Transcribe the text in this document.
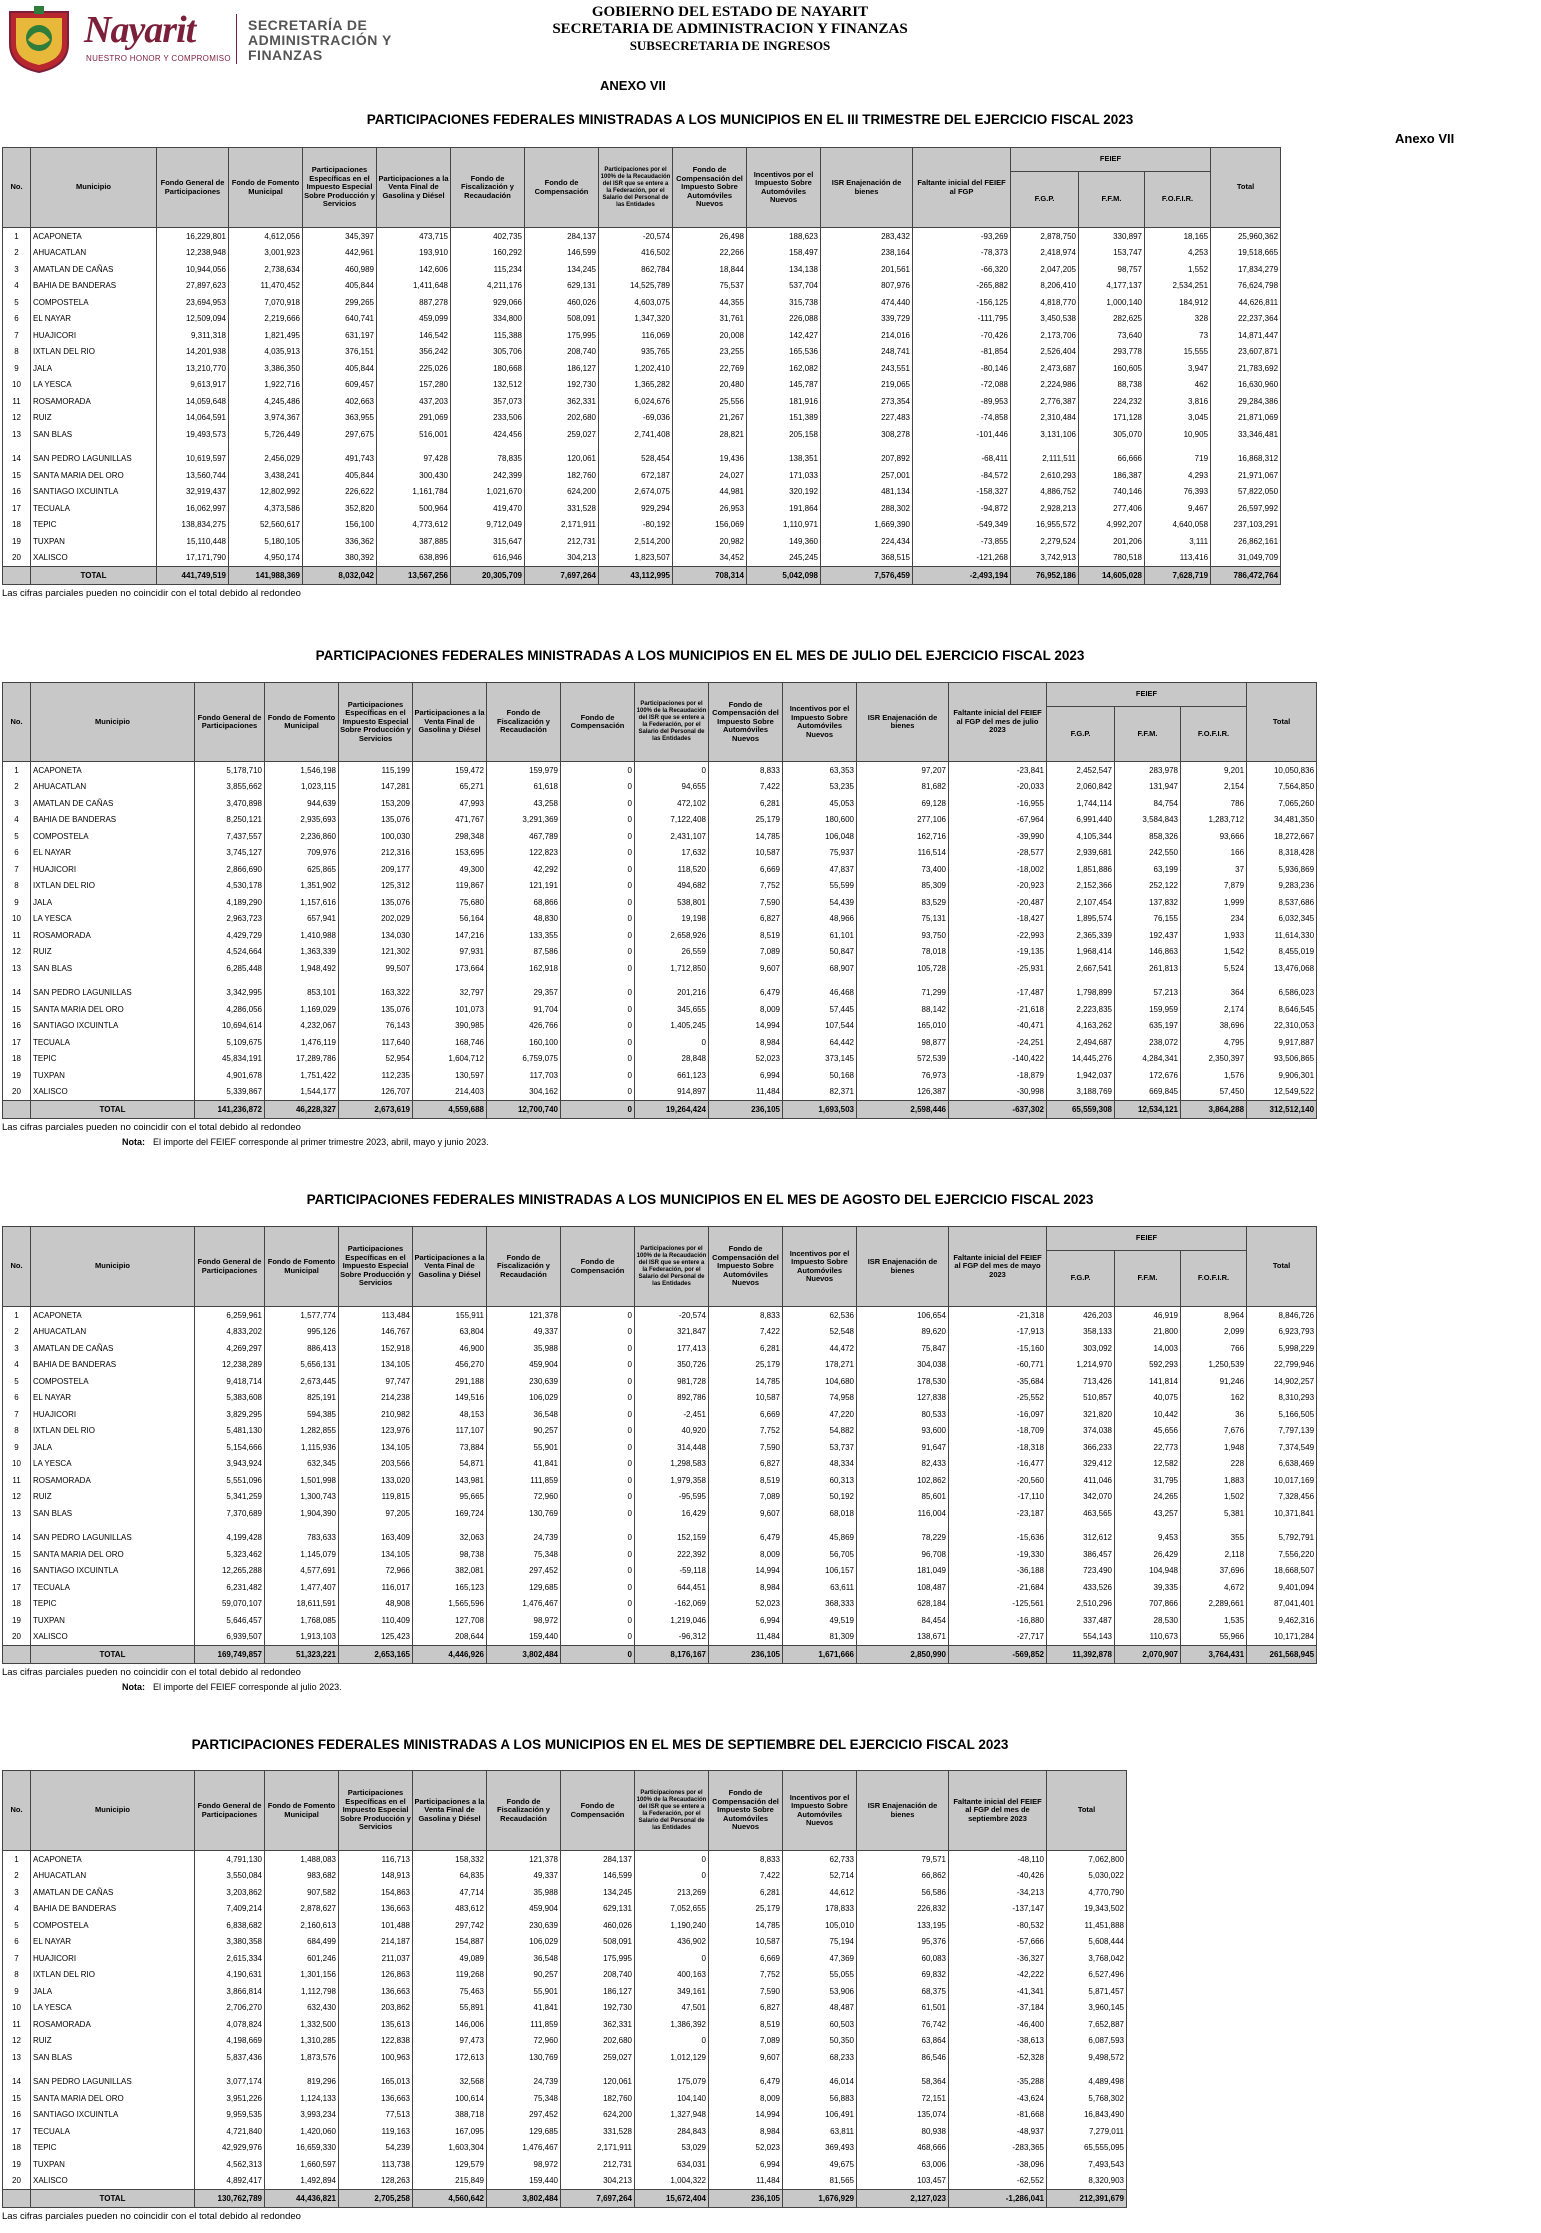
Nayarit
NUESTRO HONOR Y COMPROMISO
SECRETARÍA DE
ADMINISTRACIÓN Y
FINANZAS
GOBIERNO DEL ESTADO DE NAYARIT
SECRETARIA DE ADMINISTRACION Y FINANZAS
SUBSECRETARIA DE INGRESOS
ANEXO VII
PARTICIPACIONES FEDERALES MINISTRADAS A LOS MUNICIPIOS EN EL III TRIMESTRE DEL EJERCICIO FISCAL 2023
Anexo VII
No.	Municipio	Fondo General de Participaciones	Fondo de Fomento Municipal	Participaciones Específicas en el Impuesto Especial Sobre Producción y Servicios	Participaciones a la Venta Final de Gasolina y Diésel	Fondo de Fiscalización y Recaudación	Fondo de Compensación	Participaciones por el 100% de la Recaudación del ISR que se entere a la Federación, por el Salario del Personal de las Entidades	Fondo de Compensación del Impuesto Sobre Automóviles Nuevos	Incentivos por el Impuesto Sobre Automóviles Nuevos	ISR Enajenación de bienes	Faltante inicial del FEIEF al FGP	FEIEF			Total
													F.G.P.	F.F.M.	F.O.F.I.R.	
1	ACAPONETA	16,229,801	4,612,056	345,397	473,715	402,735	284,137	-20,574	26,498	188,623	283,432	-93,269	2,878,750	330,897	18,165	25,960,362
2	AHUACATLAN	12,238,948	3,001,923	442,961	193,910	160,292	146,599	416,502	22,266	158,497	238,164	-78,373	2,418,974	153,747	4,253	19,518,665
3	AMATLAN DE CAÑAS	10,944,056	2,738,634	460,989	142,606	115,234	134,245	862,784	18,844	134,138	201,561	-66,320	2,047,205	98,757	1,552	17,834,279
4	BAHIA DE BANDERAS	27,897,623	11,470,452	405,844	1,411,648	4,211,176	629,131	14,525,789	75,537	537,704	807,976	-265,882	8,206,410	4,177,137	2,534,251	76,624,798
5	COMPOSTELA	23,694,953	7,070,918	299,265	887,278	929,066	460,026	4,603,075	44,355	315,738	474,440	-156,125	4,818,770	1,000,140	184,912	44,626,811
6	EL NAYAR	12,509,094	2,219,666	640,741	459,099	334,800	508,091	1,347,320	31,761	226,088	339,729	-111,795	3,450,538	282,625	328	22,237,364
7	HUAJICORI	9,311,318	1,821,495	631,197	146,542	115,388	175,995	116,069	20,008	142,427	214,016	-70,426	2,173,706	73,640	73	14,871,447
8	IXTLAN DEL RIO	14,201,938	4,035,913	376,151	356,242	305,706	208,740	935,765	23,255	165,536	248,741	-81,854	2,526,404	293,778	15,555	23,607,871
9	JALA	13,210,770	3,386,350	405,844	225,026	180,668	186,127	1,202,410	22,769	162,082	243,551	-80,146	2,473,687	160,605	3,947	21,783,692
10	LA YESCA	9,613,917	1,922,716	609,457	157,280	132,512	192,730	1,365,282	20,480	145,787	219,065	-72,088	2,224,986	88,738	462	16,630,960
11	ROSAMORADA	14,059,648	4,245,486	402,663	437,203	357,073	362,331	6,024,676	25,556	181,916	273,354	-89,953	2,776,387	224,232	3,816	29,284,386
12	RUIZ	14,064,591	3,974,367	363,955	291,069	233,506	202,680	-69,036	21,267	151,389	227,483	-74,858	2,310,484	171,128	3,045	21,871,069
13	SAN BLAS	19,493,573	5,726,449	297,675	516,001	424,456	259,027	2,741,408	28,821	205,158	308,278	-101,446	3,131,106	305,070	10,905	33,346,481

14	SAN PEDRO LAGUNILLAS	10,619,597	2,456,029	491,743	97,428	78,835	120,061	528,454	19,436	138,351	207,892	-68,411	2,111,511	66,666	719	16,868,312
15	SANTA MARIA DEL ORO	13,560,744	3,438,241	405,844	300,430	242,399	182,760	672,187	24,027	171,033	257,001	-84,572	2,610,293	186,387	4,293	21,971,067
16	SANTIAGO IXCUINTLA	32,919,437	12,802,992	226,622	1,161,784	1,021,670	624,200	2,674,075	44,981	320,192	481,134	-158,327	4,886,752	740,146	76,393	57,822,050
17	TECUALA	16,062,997	4,373,586	352,820	500,964	419,470	331,528	929,294	26,953	191,864	288,302	-94,872	2,928,213	277,406	9,467	26,597,992
18	TEPIC	138,834,275	52,560,617	156,100	4,773,612	9,712,049	2,171,911	-80,192	156,069	1,110,971	1,669,390	-549,349	16,955,572	4,992,207	4,640,058	237,103,291
19	TUXPAN	15,110,448	5,180,105	336,362	387,885	315,647	212,731	2,514,200	20,982	149,360	224,434	-73,855	2,279,524	201,206	3,111	26,862,161
20	XALISCO	17,171,790	4,950,174	380,392	638,896	616,946	304,213	1,823,507	34,452	245,245	368,515	-121,268	3,742,913	780,518	113,416	31,049,709
	TOTAL	441,749,519	141,988,369	8,032,042	13,567,256	20,305,709	7,697,264	43,112,995	708,314	5,042,098	7,576,459	-2,493,194	76,952,186	14,605,028	7,628,719	786,472,764
Las cifras parciales pueden no coincidir con el total debido al redondeo
PARTICIPACIONES FEDERALES MINISTRADAS A LOS MUNICIPIOS EN EL MES DE JULIO DEL EJERCICIO FISCAL 2023
No.	Municipio	Fondo General de Participaciones	Fondo de Fomento Municipal	Participaciones Específicas en el Impuesto Especial Sobre Producción y Servicios	Participaciones a la Venta Final de Gasolina y Diésel	Fondo de Fiscalización y Recaudación	Fondo de Compensación	Participaciones por el 100% de la Recaudación del ISR que se entere a la Federación, por el Salario del Personal de las Entidades	Fondo de Compensación del Impuesto Sobre Automóviles Nuevos	Incentivos por el Impuesto Sobre Automóviles Nuevos	ISR Enajenación de bienes	Faltante inicial del FEIEF al FGP del mes de julio 2023	FEIEF			Total
													F.G.P.	F.F.M.	F.O.F.I.R.	
1	ACAPONETA	5,178,710	1,546,198	115,199	159,472	159,979	0	0	8,833	63,353	97,207	-23,841	2,452,547	283,978	9,201	10,050,836
2	AHUACATLAN	3,855,662	1,023,115	147,281	65,271	61,618	0	94,655	7,422	53,235	81,682	-20,033	2,060,842	131,947	2,154	7,564,850
3	AMATLAN DE CAÑAS	3,470,898	944,639	153,209	47,993	43,258	0	472,102	6,281	45,053	69,128	-16,955	1,744,114	84,754	786	7,065,260
4	BAHIA DE BANDERAS	8,250,121	2,935,693	135,076	471,767	3,291,369	0	7,122,408	25,179	180,600	277,106	-67,964	6,991,440	3,584,843	1,283,712	34,481,350
5	COMPOSTELA	7,437,557	2,236,860	100,030	298,348	467,789	0	2,431,107	14,785	106,048	162,716	-39,990	4,105,344	858,326	93,666	18,272,667
6	EL NAYAR	3,745,127	709,976	212,316	153,695	122,823	0	17,632	10,587	75,937	116,514	-28,577	2,939,681	242,550	166	8,318,428
7	HUAJICORI	2,866,690	625,865	209,177	49,300	42,292	0	118,520	6,669	47,837	73,400	-18,002	1,851,886	63,199	37	5,936,869
8	IXTLAN DEL RIO	4,530,178	1,351,902	125,312	119,867	121,191	0	494,682	7,752	55,599	85,309	-20,923	2,152,366	252,122	7,879	9,283,236
9	JALA	4,189,290	1,157,616	135,076	75,680	68,866	0	538,801	7,590	54,439	83,529	-20,487	2,107,454	137,832	1,999	8,537,686
10	LA YESCA	2,963,723	657,941	202,029	56,164	48,830	0	19,198	6,827	48,966	75,131	-18,427	1,895,574	76,155	234	6,032,345
11	ROSAMORADA	4,429,729	1,410,988	134,030	147,216	133,355	0	2,658,926	8,519	61,101	93,750	-22,993	2,365,339	192,437	1,933	11,614,330
12	RUIZ	4,524,664	1,363,339	121,302	97,931	87,586	0	26,559	7,089	50,847	78,018	-19,135	1,968,414	146,863	1,542	8,455,019
13	SAN BLAS	6,285,448	1,948,492	99,507	173,664	162,918	0	1,712,850	9,607	68,907	105,728	-25,931	2,667,541	261,813	5,524	13,476,068

14	SAN PEDRO LAGUNILLAS	3,342,995	853,101	163,322	32,797	29,357	0	201,216	6,479	46,468	71,299	-17,487	1,798,899	57,213	364	6,586,023
15	SANTA MARIA DEL ORO	4,286,056	1,169,029	135,076	101,073	91,704	0	345,655	8,009	57,445	88,142	-21,618	2,223,835	159,959	2,174	8,646,545
16	SANTIAGO IXCUINTLA	10,694,614	4,232,067	76,143	390,985	426,766	0	1,405,245	14,994	107,544	165,010	-40,471	4,163,262	635,197	38,696	22,310,053
17	TECUALA	5,109,675	1,476,119	117,640	168,746	160,100	0	0	8,984	64,442	98,877	-24,251	2,494,687	238,072	4,795	9,917,887
18	TEPIC	45,834,191	17,289,786	52,954	1,604,712	6,759,075	0	28,848	52,023	373,145	572,539	-140,422	14,445,276	4,284,341	2,350,397	93,506,865
19	TUXPAN	4,901,678	1,751,422	112,235	130,597	117,703	0	661,123	6,994	50,168	76,973	-18,879	1,942,037	172,676	1,576	9,906,301
20	XALISCO	5,339,867	1,544,177	126,707	214,403	304,162	0	914,897	11,484	82,371	126,387	-30,998	3,188,769	669,845	57,450	12,549,522
	TOTAL	141,236,872	46,228,327	2,673,619	4,559,688	12,700,740	0	19,264,424	236,105	1,693,503	2,598,446	-637,302	65,559,308	12,534,121	3,864,288	312,512,140
Las cifras parciales pueden no coincidir con el total debido al redondeo
Nota: El importe del FEIEF corresponde al primer trimestre 2023, abril, mayo y junio 2023.
PARTICIPACIONES FEDERALES MINISTRADAS A LOS MUNICIPIOS EN EL MES DE AGOSTO DEL EJERCICIO FISCAL 2023
No.	Municipio	Fondo General de Participaciones	Fondo de Fomento Municipal	Participaciones Específicas en el Impuesto Especial Sobre Producción y Servicios	Participaciones a la Venta Final de Gasolina y Diésel	Fondo de Fiscalización y Recaudación	Fondo de Compensación	Participaciones por el 100% de la Recaudación del ISR que se entere a la Federación, por el Salario del Personal de las Entidades	Fondo de Compensación del Impuesto Sobre Automóviles Nuevos	Incentivos por el Impuesto Sobre Automóviles Nuevos	ISR Enajenación de bienes	Faltante inicial del FEIEF al FGP del mes de mayo 2023	FEIEF			Total
													F.G.P.	F.F.M.	F.O.F.I.R.	
1	ACAPONETA	6,259,961	1,577,774	113,484	155,911	121,378	0	-20,574	8,833	62,536	106,654	-21,318	426,203	46,919	8,964	8,846,726
2	AHUACATLAN	4,833,202	995,126	146,767	63,804	49,337	0	321,847	7,422	52,548	89,620	-17,913	358,133	21,800	2,099	6,923,793
3	AMATLAN DE CAÑAS	4,269,297	886,413	152,918	46,900	35,988	0	177,413	6,281	44,472	75,847	-15,160	303,092	14,003	766	5,998,229
4	BAHIA DE BANDERAS	12,238,289	5,656,131	134,105	456,270	459,904	0	350,726	25,179	178,271	304,038	-60,771	1,214,970	592,293	1,250,539	22,799,946
5	COMPOSTELA	9,418,714	2,673,445	97,747	291,188	230,639	0	981,728	14,785	104,680	178,530	-35,684	713,426	141,814	91,246	14,902,257
6	EL NAYAR	5,383,608	825,191	214,238	149,516	106,029	0	892,786	10,587	74,958	127,838	-25,552	510,857	40,075	162	8,310,293
7	HUAJICORI	3,829,295	594,385	210,982	48,153	36,548	0	-2,451	6,669	47,220	80,533	-16,097	321,820	10,442	36	5,166,505
8	IXTLAN DEL RIO	5,481,130	1,282,855	123,976	117,107	90,257	0	40,920	7,752	54,882	93,600	-18,709	374,038	45,656	7,676	7,797,139
9	JALA	5,154,666	1,115,936	134,105	73,884	55,901	0	314,448	7,590	53,737	91,647	-18,318	366,233	22,773	1,948	7,374,549
10	LA YESCA	3,943,924	632,345	203,566	54,871	41,841	0	1,298,583	6,827	48,334	82,433	-16,477	329,412	12,582	228	6,638,469
11	ROSAMORADA	5,551,096	1,501,998	133,020	143,981	111,859	0	1,979,358	8,519	60,313	102,862	-20,560	411,046	31,795	1,883	10,017,169
12	RUIZ	5,341,259	1,300,743	119,815	95,665	72,960	0	-95,595	7,089	50,192	85,601	-17,110	342,070	24,265	1,502	7,328,456
13	SAN BLAS	7,370,689	1,904,390	97,205	169,724	130,769	0	16,429	9,607	68,018	116,004	-23,187	463,565	43,257	5,381	10,371,841

14	SAN PEDRO LAGUNILLAS	4,199,428	783,633	163,409	32,063	24,739	0	152,159	6,479	45,869	78,229	-15,636	312,612	9,453	355	5,792,791
15	SANTA MARIA DEL ORO	5,323,462	1,145,079	134,105	98,738	75,348	0	222,392	8,009	56,705	96,708	-19,330	386,457	26,429	2,118	7,556,220
16	SANTIAGO IXCUINTLA	12,265,288	4,577,691	72,966	382,081	297,452	0	-59,118	14,994	106,157	181,049	-36,188	723,490	104,948	37,696	18,668,507
17	TECUALA	6,231,482	1,477,407	116,017	165,123	129,685	0	644,451	8,984	63,611	108,487	-21,684	433,526	39,335	4,672	9,401,094
18	TEPIC	59,070,107	18,611,591	48,908	1,565,596	1,476,467	0	-162,069	52,023	368,333	628,184	-125,561	2,510,296	707,866	2,289,661	87,041,401
19	TUXPAN	5,646,457	1,768,085	110,409	127,708	98,972	0	1,219,046	6,994	49,519	84,454	-16,880	337,487	28,530	1,535	9,462,316
20	XALISCO	6,939,507	1,913,103	125,423	208,644	159,440	0	-96,312	11,484	81,309	138,671	-27,717	554,143	110,673	55,966	10,171,284
	TOTAL	169,749,857	51,323,221	2,653,165	4,446,926	3,802,484	0	8,176,167	236,105	1,671,666	2,850,990	-569,852	11,392,878	2,070,907	3,764,431	261,568,945
Las cifras parciales pueden no coincidir con el total debido al redondeo
Nota: El importe del FEIEF corresponde al julio 2023.
PARTICIPACIONES FEDERALES MINISTRADAS A LOS MUNICIPIOS EN EL MES DE SEPTIEMBRE DEL EJERCICIO FISCAL 2023
No.	Municipio	Fondo General de Participaciones	Fondo de Fomento Municipal	Participaciones Específicas en el Impuesto Especial Sobre Producción y Servicios	Participaciones a la Venta Final de Gasolina y Diésel	Fondo de Fiscalización y Recaudación	Fondo de Compensación	Participaciones por el 100% de la Recaudación del ISR que se entere a la Federación, por el Salario del Personal de las Entidades	Fondo de Compensación del Impuesto Sobre Automóviles Nuevos	Incentivos por el Impuesto Sobre Automóviles Nuevos	ISR Enajenación de bienes	Faltante inicial del FEIEF al FGP del mes de septiembre 2023	Total

1	ACAPONETA	4,791,130	1,488,083	116,713	158,332	121,378	284,137	0	8,833	62,733	79,571	-48,110	7,062,800
2	AHUACATLAN	3,550,084	983,682	148,913	64,835	49,337	146,599	0	7,422	52,714	66,862	-40,426	5,030,022
3	AMATLAN DE CAÑAS	3,203,862	907,582	154,863	47,714	35,988	134,245	213,269	6,281	44,612	56,586	-34,213	4,770,790
4	BAHIA DE BANDERAS	7,409,214	2,878,627	136,663	483,612	459,904	629,131	7,052,655	25,179	178,833	226,832	-137,147	19,343,502
5	COMPOSTELA	6,838,682	2,160,613	101,488	297,742	230,639	460,026	1,190,240	14,785	105,010	133,195	-80,532	11,451,888
6	EL NAYAR	3,380,358	684,499	214,187	154,887	106,029	508,091	436,902	10,587	75,194	95,376	-57,666	5,608,444
7	HUAJICORI	2,615,334	601,246	211,037	49,089	36,548	175,995	0	6,669	47,369	60,083	-36,327	3,768,042
8	IXTLAN DEL RIO	4,190,631	1,301,156	126,863	119,268	90,257	208,740	400,163	7,752	55,055	69,832	-42,222	6,527,496
9	JALA	3,866,814	1,112,798	136,663	75,463	55,901	186,127	349,161	7,590	53,906	68,375	-41,341	5,871,457
10	LA YESCA	2,706,270	632,430	203,862	55,891	41,841	192,730	47,501	6,827	48,487	61,501	-37,184	3,960,145
11	ROSAMORADA	4,078,824	1,332,500	135,613	146,006	111,859	362,331	1,386,392	8,519	60,503	76,742	-46,400	7,652,887
12	RUIZ	4,198,669	1,310,285	122,838	97,473	72,960	202,680	0	7,089	50,350	63,864	-38,613	6,087,593
13	SAN BLAS	5,837,436	1,873,576	100,963	172,613	130,769	259,027	1,012,129	9,607	68,233	86,546	-52,328	9,498,572

14	SAN PEDRO LAGUNILLAS	3,077,174	819,296	165,013	32,568	24,739	120,061	175,079	6,479	46,014	58,364	-35,288	4,489,498
15	SANTA MARIA DEL ORO	3,951,226	1,124,133	136,663	100,614	75,348	182,760	104,140	8,009	56,883	72,151	-43,624	5,768,302
16	SANTIAGO IXCUINTLA	9,959,535	3,993,234	77,513	388,718	297,452	624,200	1,327,948	14,994	106,491	135,074	-81,668	16,843,490
17	TECUALA	4,721,840	1,420,060	119,163	167,095	129,685	331,528	284,843	8,984	63,811	80,938	-48,937	7,279,011
18	TEPIC	42,929,976	16,659,330	54,239	1,603,304	1,476,467	2,171,911	53,029	52,023	369,493	468,666	-283,365	65,555,095
19	TUXPAN	4,562,313	1,660,597	113,738	129,579	98,972	212,731	634,031	6,994	49,675	63,006	-38,096	7,493,543
20	XALISCO	4,892,417	1,492,894	128,263	215,849	159,440	304,213	1,004,322	11,484	81,565	103,457	-62,552	8,320,903
	TOTAL	130,762,789	44,436,821	2,705,258	4,560,642	3,802,484	7,697,264	15,672,404	236,105	1,676,929	2,127,023	-1,286,041	212,391,679
Las cifras parciales pueden no coincidir con el total debido al redondeo
